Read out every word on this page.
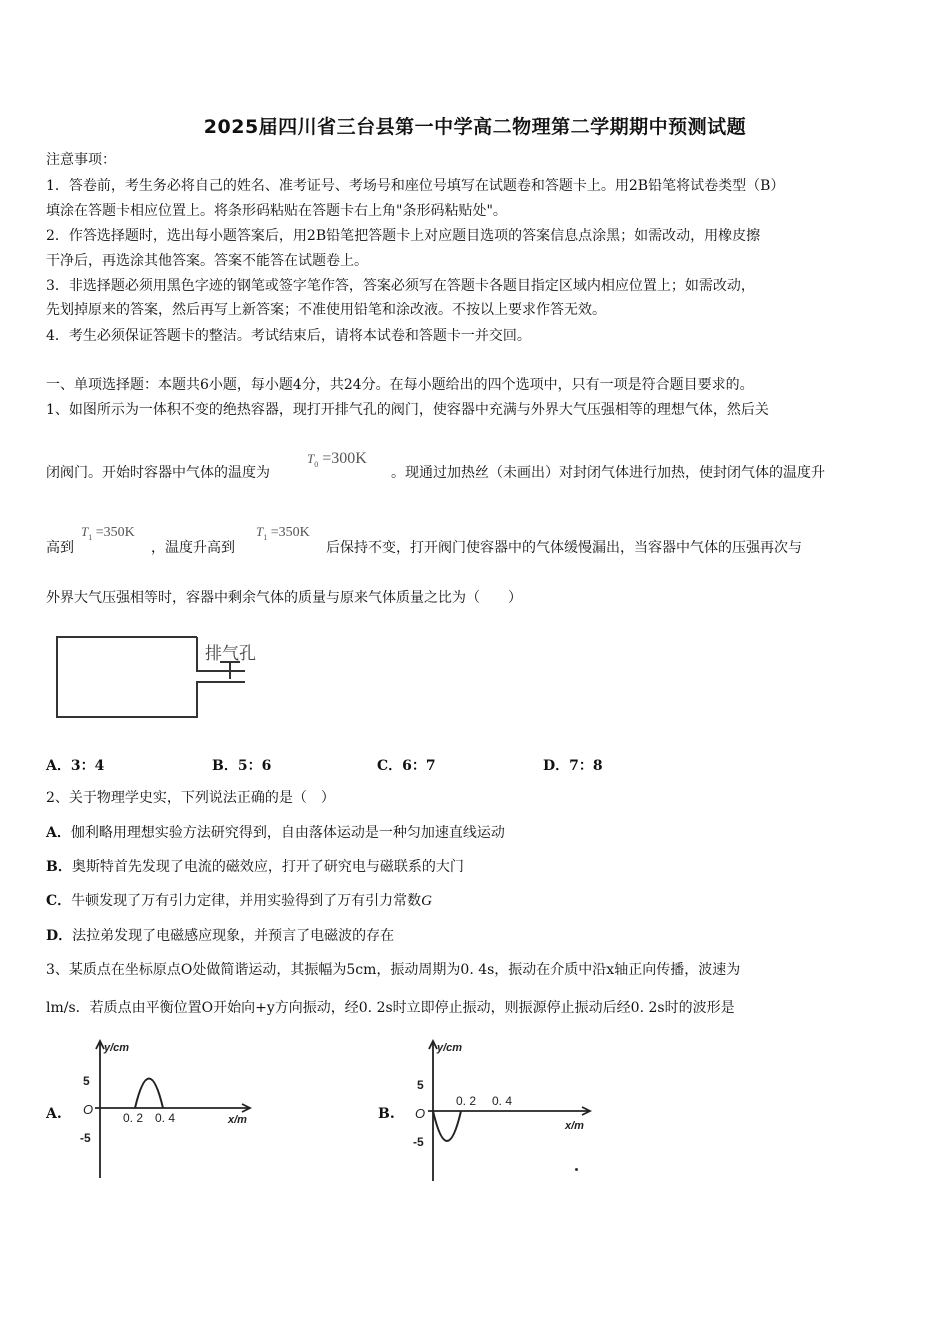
2025届四川省三台县第一中学高二物理第二学期期中预测试题
注意事项：
1．答卷前，考生务必将自己的姓名、准考证号、考场号和座位号填写在试题卷和答题卡上。用2B铅笔将试卷类型（B）
填涂在答题卡相应位置上。将条形码粘贴在答题卡右上角"条形码粘贴处"。
2．作答选择题时，选出每小题答案后，用2B铅笔把答题卡上对应题目选项的答案信息点涂黑；如需改动，用橡皮擦
干净后，再选涂其他答案。答案不能答在试题卷上。
3．非选择题必须用黑色字迹的钢笔或签字笔作答，答案必须写在答题卡各题目指定区域内相应位置上；如需改动，
先划掉原来的答案，然后再写上新答案；不准使用铅笔和涂改液。不按以上要求作答无效。
4．考生必须保证答题卡的整洁。考试结束后，请将本试卷和答题卡一并交回。
一、单项选择题：本题共6小题，每小题4分，共24分。在每小题给出的四个选项中，只有一项是符合题目要求的。
1、如图所示为一体积不变的绝热容器，现打开排气孔的阀门，使容器中充满与外界大气压强相等的理想气体，然后关
闭阀门。开始时容器中气体的温度为
$T_0 =300K$
。现通过加热丝（未画出）对封闭气体进行加热，使封闭气体的温度升
高到
$T_1 =350K$
，温度升高到
$T_1 =350K$
后保持不变，打开阀门使容器中的气体缓慢漏出，当容器中气体的压强再次与
外界大气压强相等时，容器中剩余气体的质量与原来气体质量之比为（　　）
排气孔
A．3：4	B．5：6	C．6：7	D．7：8
2、关于物理学史实，下列说法正确的是（　）
A．伽利略用理想实验方法研究得到，自由落体运动是一种匀加速直线运动
B．奥斯特首先发现了电流的磁效应，打开了研究电与磁联系的大门
C．牛顿发现了万有引力定律，并用实验得到了万有引力常数G
D．法拉弟发现了电磁感应现象，并预言了电磁波的存在
3、某质点在坐标原点O处做简谐运动，其振幅为5cm，振动周期为0. 4s，振动在介质中沿x轴正向传播，波速为
lm/s．若质点由平衡位置O开始向+y方向振动，经0. 2s时立即停止振动，则振源停止振动后经0. 2s时的波形是
A.	B.
y/cm
5
O
-5
0. 2 0. 4	x/m
y/cm
5
O
-5
0. 2 0. 4
x/m
